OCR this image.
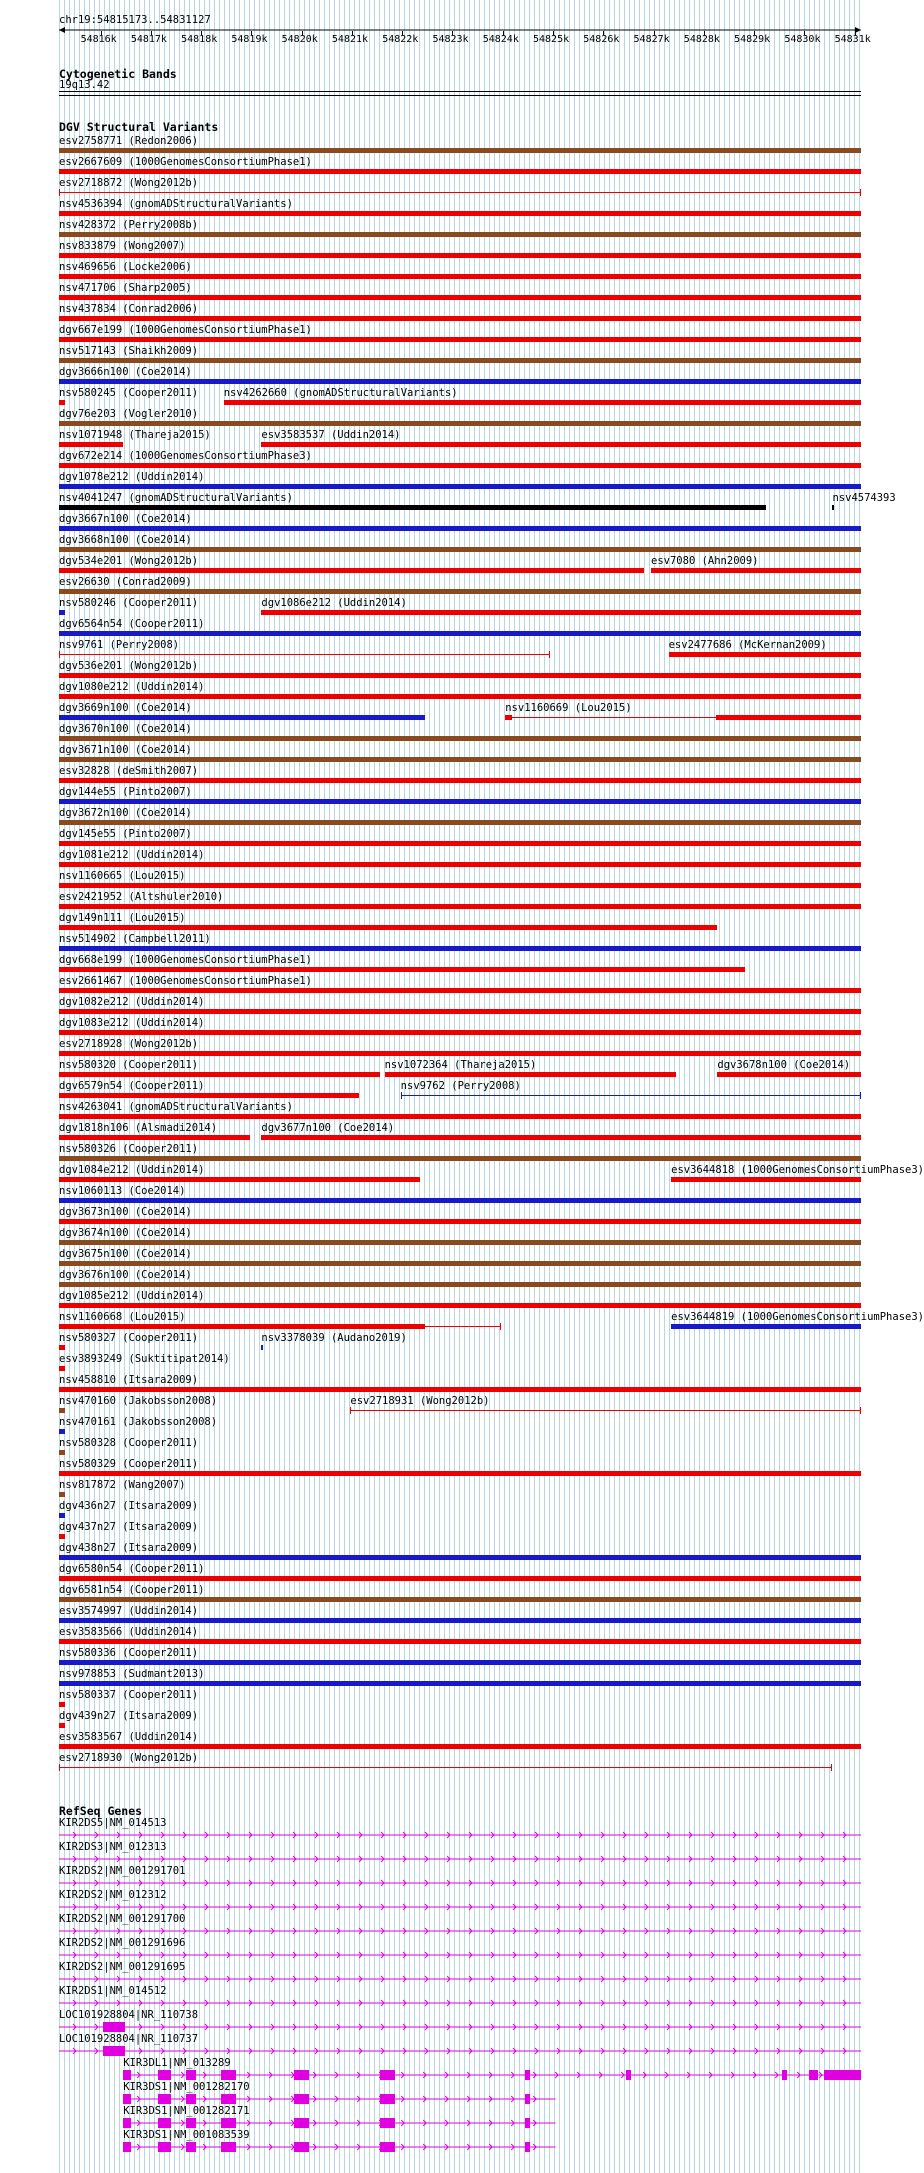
chr19:54815173..54831127
54816k 54817k 54818k 54819k 54820k 54821k 54822k 54823k 54824k 54825k 54826k 54827k 54828k 54829k 54830k 54831k
Cytogenetic Bands
19q13.42
DGV Structural Variants
esv2758771 (Redon2006)
esv2667609 (1000GenomesConsortiumPhase1)
esv2718872 (Wong2012b)
nsv4536394 (gnomADStructuralVariants)
nsv428372 (Perry2008b)
nsv833879 (Wong2007)
nsv469656 (Locke2006)
nsv471706 (Sharp2005)
nsv437834 (Conrad2006)
dgv667e199 (1000GenomesConsortiumPhase1)
nsv517143 (Shaikh2009)
dgv3666n100 (Coe2014)
nsv580245 (Cooper2011) nsv4262660 (gnomADStructuralVariants)
dgv76e203 (Vogler2010)
nsv1071948 (Thareja2015)	esv3583537 (Uddin2014)
dgv672e214 (1000GenomesConsortiumPhase3)
dgv1078e212 (Uddin2014)
nsv4041247 (gnomADStructuralVariants)	nsv4574393
dgv3667n100 (Coe2014)
dgv3668n100 (Coe2014)
dgv534e201 (Wong2012b)	esv7080 (Ahn2009)
esv26630 (Conrad2009)
nsv580246 (Cooper2011)	dgv1086e212 (Uddin2014)
dgv6564n54 (Cooper2011)
nsv9761 (Perry2008)	esv2477686 (McKernan2009)
dgv536e201 (Wong2012b)
dgv1080e212 (Uddin2014)
dgv3669n100 (Coe2014)	nsv1160669 (Lou2015)
dgv3670n100 (Coe2014)
dgv3671n100 (Coe2014)
esv32828 (deSmith2007)
dgv144e55 (Pinto2007)
dgv3672n100 (Coe2014)
dgv145e55 (Pinto2007)
dgv1081e212 (Uddin2014)
nsv1160665 (Lou2015)
esv2421952 (Altshuler2010)
dgv149n111 (Lou2015)
nsv514902 (Campbell2011)
dgv668e199 (1000GenomesConsortiumPhase1)
esv2661467 (1000GenomesConsortiumPhase1)
dgv1082e212 (Uddin2014)
dgv1083e212 (Uddin2014)
esv2718928 (Wong2012b)
nsv580320 (Cooper2011)	nsv1072364 (Thareja2015)	dgv3678n100 (Coe2014)
dgv6579n54 (Cooper2011)	nsv9762 (Perry2008)
nsv4263041 (gnomADStructuralVariants)
dgv1818n106 (Alsmadi2014)	dgv3677n100 (Coe2014)
nsv580326 (Cooper2011)
dgv1084e212 (Uddin2014)	esv3644818 (1000GenomesConsortiumPhase3)
nsv1060113 (Coe2014)
dgv3673n100 (Coe2014)
dgv3674n100 (Coe2014)
dgv3675n100 (Coe2014)
dgv3676n100 (Coe2014)
dgv1085e212 (Uddin2014)
nsv1160668 (Lou2015)	esv3644819 (1000GenomesConsortiumPhase3)
nsv580327 (Cooper2011)	nsv3378039 (Audano2019)
esv3893249 (Suktitipat2014)
nsv458810 (Itsara2009)
nsv470160 (Jakobsson2008)	esv2718931 (Wong2012b)
nsv470161 (Jakobsson2008)
nsv580328 (Cooper2011)
nsv580329 (Cooper2011)
nsv817872 (Wang2007)
dgv436n27 (Itsara2009)
dgv437n27 (Itsara2009)
dgv438n27 (Itsara2009)
dgv6580n54 (Cooper2011)
dgv6581n54 (Cooper2011)
esv3574997 (Uddin2014)
esv3583566 (Uddin2014)
nsv580336 (Cooper2011)
nsv978853 (Sudmant2013)
nsv580337 (Cooper2011)
dgv439n27 (Itsara2009)
esv3583567 (Uddin2014)
esv2718930 (Wong2012b)
RefSeq Genes
KIR2DS5|NM_014513
KIR2DS3|NM_012313
KIR2DS2|NM_001291701
KIR2DS2|NM_012312
KIR2DS2|NM_001291700
KIR2DS2|NM_001291696
KIR2DS2|NM_001291695
KIR2DS1|NM_014512
LOC101928804|NR_110738
LOC101928804|NR_110737
KIR3DL1|NM_013289
KIR3DS1|NM_001282170
KIR3DS1|NM_001282171
KIR3DS1|NM_001083539
